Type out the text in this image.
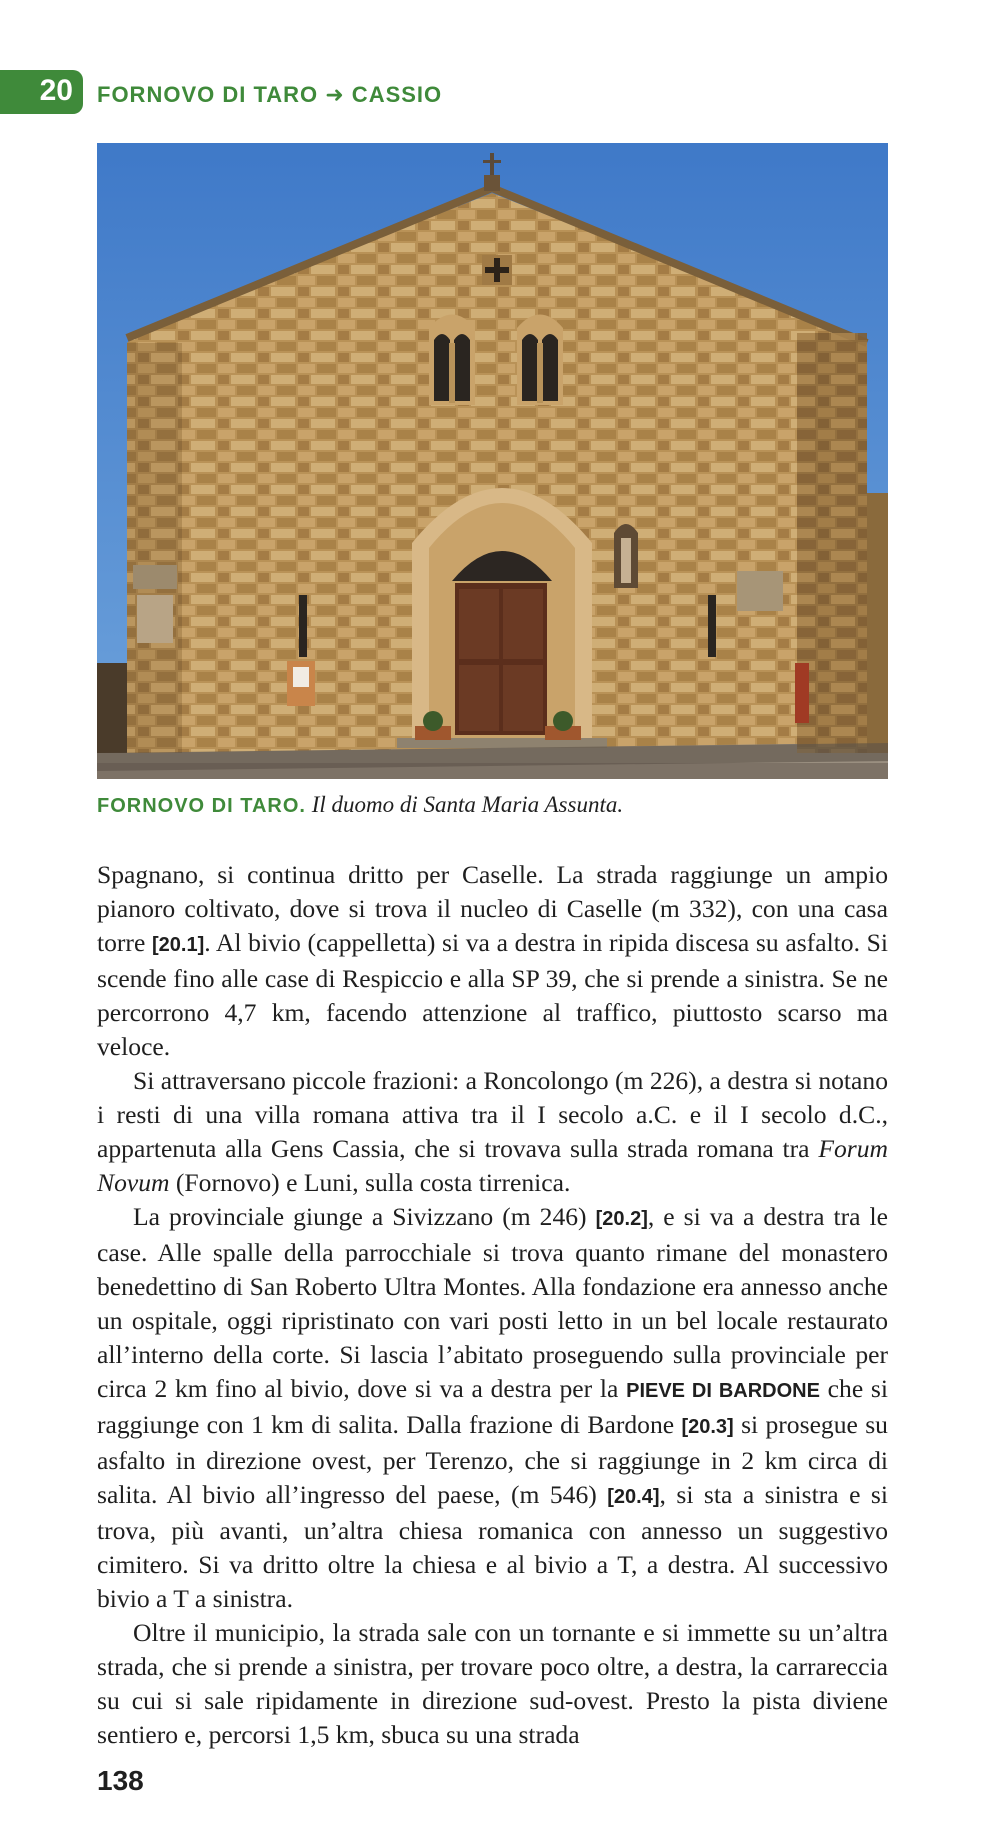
20 FORNOVO DI TARO ➜ CASSIO
FORNOVO DI TARO. Il duomo di Santa Maria Assunta.

Spagnano, si continua dritto per Caselle. La strada raggiunge un ampio pianoro coltivato, dove si trova il nucleo di Caselle (m 332), con una casa torre [20.1]. Al bivio (cappelletta) si va a destra in ripida discesa su asfalto. Si scende fino alle case di Respiccio e alla SP 39, che si prende a sinistra. Se ne percorrono 4,7 km, facendo attenzione al traffico, piuttosto scarso ma veloce.

Si attraversano piccole frazioni: a Roncolongo (m 226), a destra si notano i resti di una villa romana attiva tra il I secolo a.C. e il I secolo d.C., appartenuta alla Gens Cassia, che si trovava sulla strada romana tra Forum Novum (Fornovo) e Luni, sulla costa tirrenica.

La provinciale giunge a Sivizzano (m 246) [20.2], e si va a destra tra le case. Alle spalle della parrocchiale si trova quanto rimane del monastero benedettino di San Roberto Ultra Montes. Alla fondazione era annesso anche un ospitale, oggi ripristinato con vari posti letto in un bel locale restaurato all’interno della corte. Si lascia l’abitato proseguendo sulla provinciale per circa 2 km fino al bivio, dove si va a destra per la PIEVE DI BARDONE che si raggiunge con 1 km di salita. Dalla frazione di Bardone [20.3] si prosegue su asfalto in direzione ovest, per Terenzo, che si raggiunge in 2 km circa di salita. Al bivio all’ingresso del paese, (m 546) [20.4], si sta a sinistra e si trova, più avanti, un’altra chiesa romanica con annesso un suggestivo cimitero. Si va dritto oltre la chiesa e al bivio a T, a destra. Al successivo bivio a T a sinistra.

Oltre il municipio, la strada sale con un tornante e si immette su un’altra strada, che si prende a sinistra, per trovare poco oltre, a destra, la carrareccia su cui si sale ripidamente in direzione sud-ovest. Presto la pista diviene sentiero e, percorsi 1,5 km, sbuca su una strada

138
